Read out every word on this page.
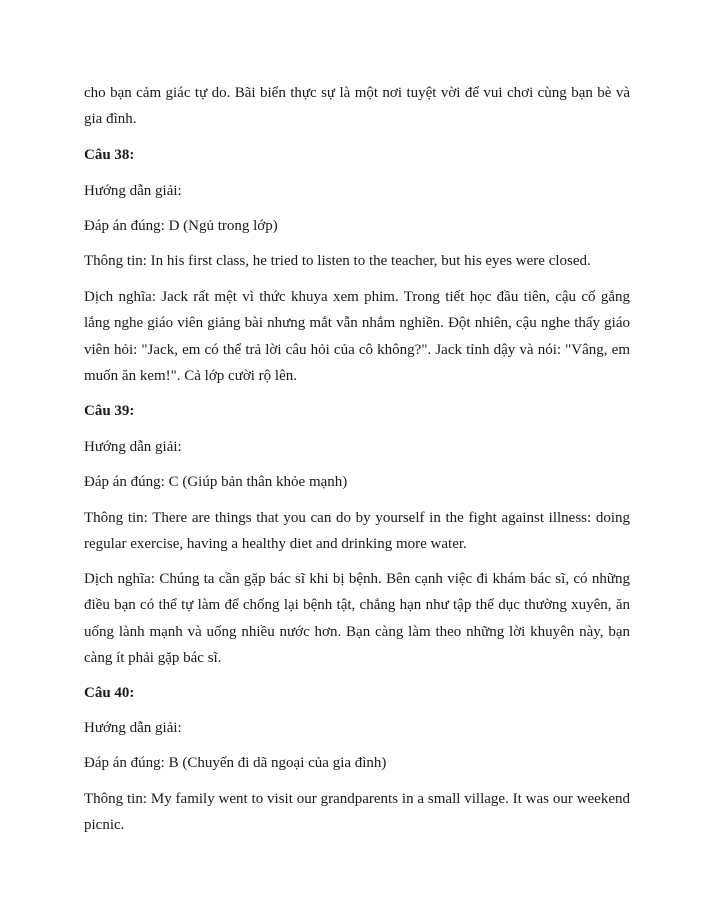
cho bạn cảm giác tự do. Bãi biển thực sự là một nơi tuyệt vời để vui chơi cùng bạn bè và gia đình.

Câu 38:

Hướng dẫn giải:

Đáp án đúng: D (Ngủ trong lớp)

Thông tin: In his first class, he tried to listen to the teacher, but his eyes were closed.

Dịch nghĩa: Jack rất mệt vì thức khuya xem phim. Trong tiết học đầu tiên, cậu cố gắng lắng nghe giáo viên giảng bài nhưng mắt vẫn nhắm nghiền. Đột nhiên, cậu nghe thấy giáo viên hỏi: "Jack, em có thể trả lời câu hỏi của cô không?". Jack tỉnh dậy và nói: "Vâng, em muốn ăn kem!". Cả lớp cười rộ lên.

Câu 39:

Hướng dẫn giải:

Đáp án đúng: C (Giúp bản thân khỏe mạnh)

Thông tin: There are things that you can do by yourself in the fight against illness: doing regular exercise, having a healthy diet and drinking more water.

Dịch nghĩa: Chúng ta cần gặp bác sĩ khi bị bệnh. Bên cạnh việc đi khám bác sĩ, có những điều bạn có thể tự làm để chống lại bệnh tật, chẳng hạn như tập thể dục thường xuyên, ăn uống lành mạnh và uống nhiều nước hơn. Bạn càng làm theo những lời khuyên này, bạn càng ít phải gặp bác sĩ.

Câu 40:

Hướng dẫn giải:

Đáp án đúng: B (Chuyến đi dã ngoại của gia đình)

Thông tin: My family went to visit our grandparents in a small village. It was our weekend picnic.
